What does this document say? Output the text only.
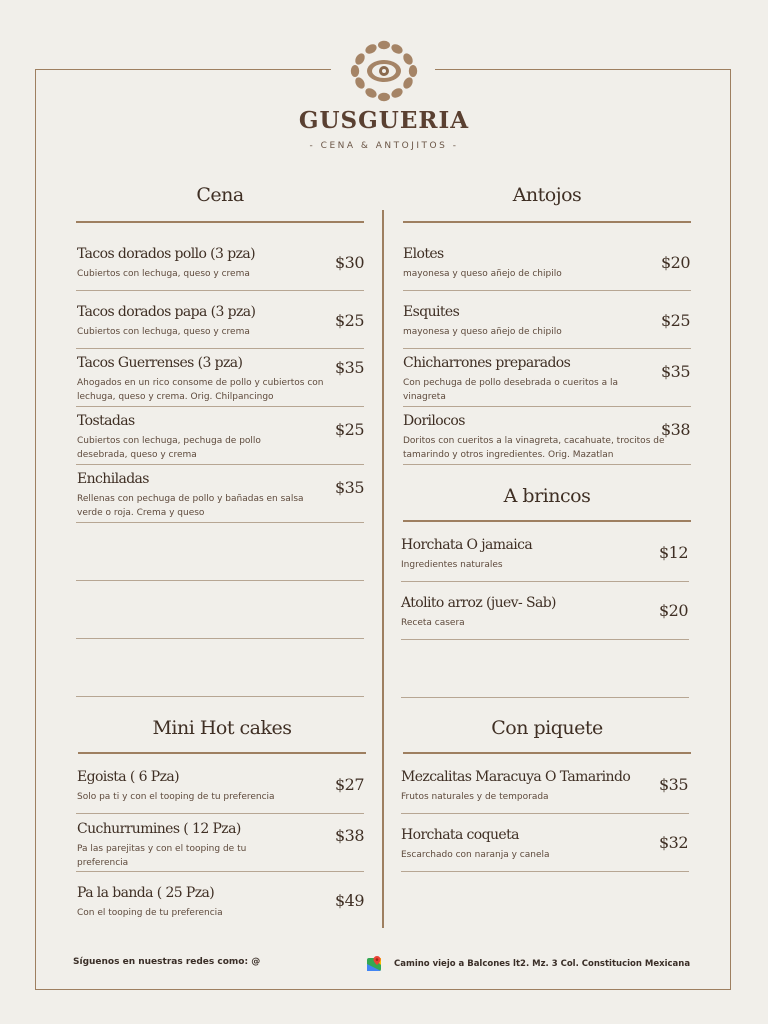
GUSGUERIA
- CENA & ANTOJITOS -
Cena
Tacos dorados pollo (3 pza)
Cubiertos con lechuga, queso y crema
$30
Tacos dorados papa (3 pza)
Cubiertos con lechuga, queso y crema
$25
Tacos Guerrenses (3 pza)
Ahogados en un rico consome de pollo y cubiertos con lechuga, queso y crema. Orig. Chilpancingo
$35
Tostadas
Cubiertos con lechuga, pechuga de pollo desebrada, queso y crema
$25
Enchiladas
Rellenas con pechuga de pollo y bañadas en salsa verde o roja. Crema y queso
$35
Antojos
Elotes
mayonesa y queso añejo de chipilo
$20
Esquites
mayonesa y queso añejo de chipilo
$25
Chicharrones preparados
Con pechuga de pollo desebrada o cueritos a la vinagreta
$35
Dorilocos
Doritos con cueritos a la vinagreta, cacahuate, trocitos de tamarindo y otros ingredientes. Orig. Mazatlan
$38
A brincos
Horchata O jamaica
Ingredientes naturales
$12
Atolito arroz (juev- Sab)
Receta casera
$20
Mini Hot cakes
Egoista ( 6 Pza)
Solo pa ti y con el tooping de tu preferencia
$27
Cuchurrumines ( 12 Pza)
Pa las parejitas y con el tooping de tu preferencia
$38
Pa la banda ( 25 Pza)
Con el tooping de tu preferencia
$49
Con piquete
Mezcalitas Maracuya O Tamarindo
Frutos naturales y de temporada
$35
Horchata coqueta
Escarchado con naranja y canela
$32
Síguenos en nuestras redes como: @	Camino viejo a Balcones lt2. Mz. 3 Col. Constitucion Mexicana
